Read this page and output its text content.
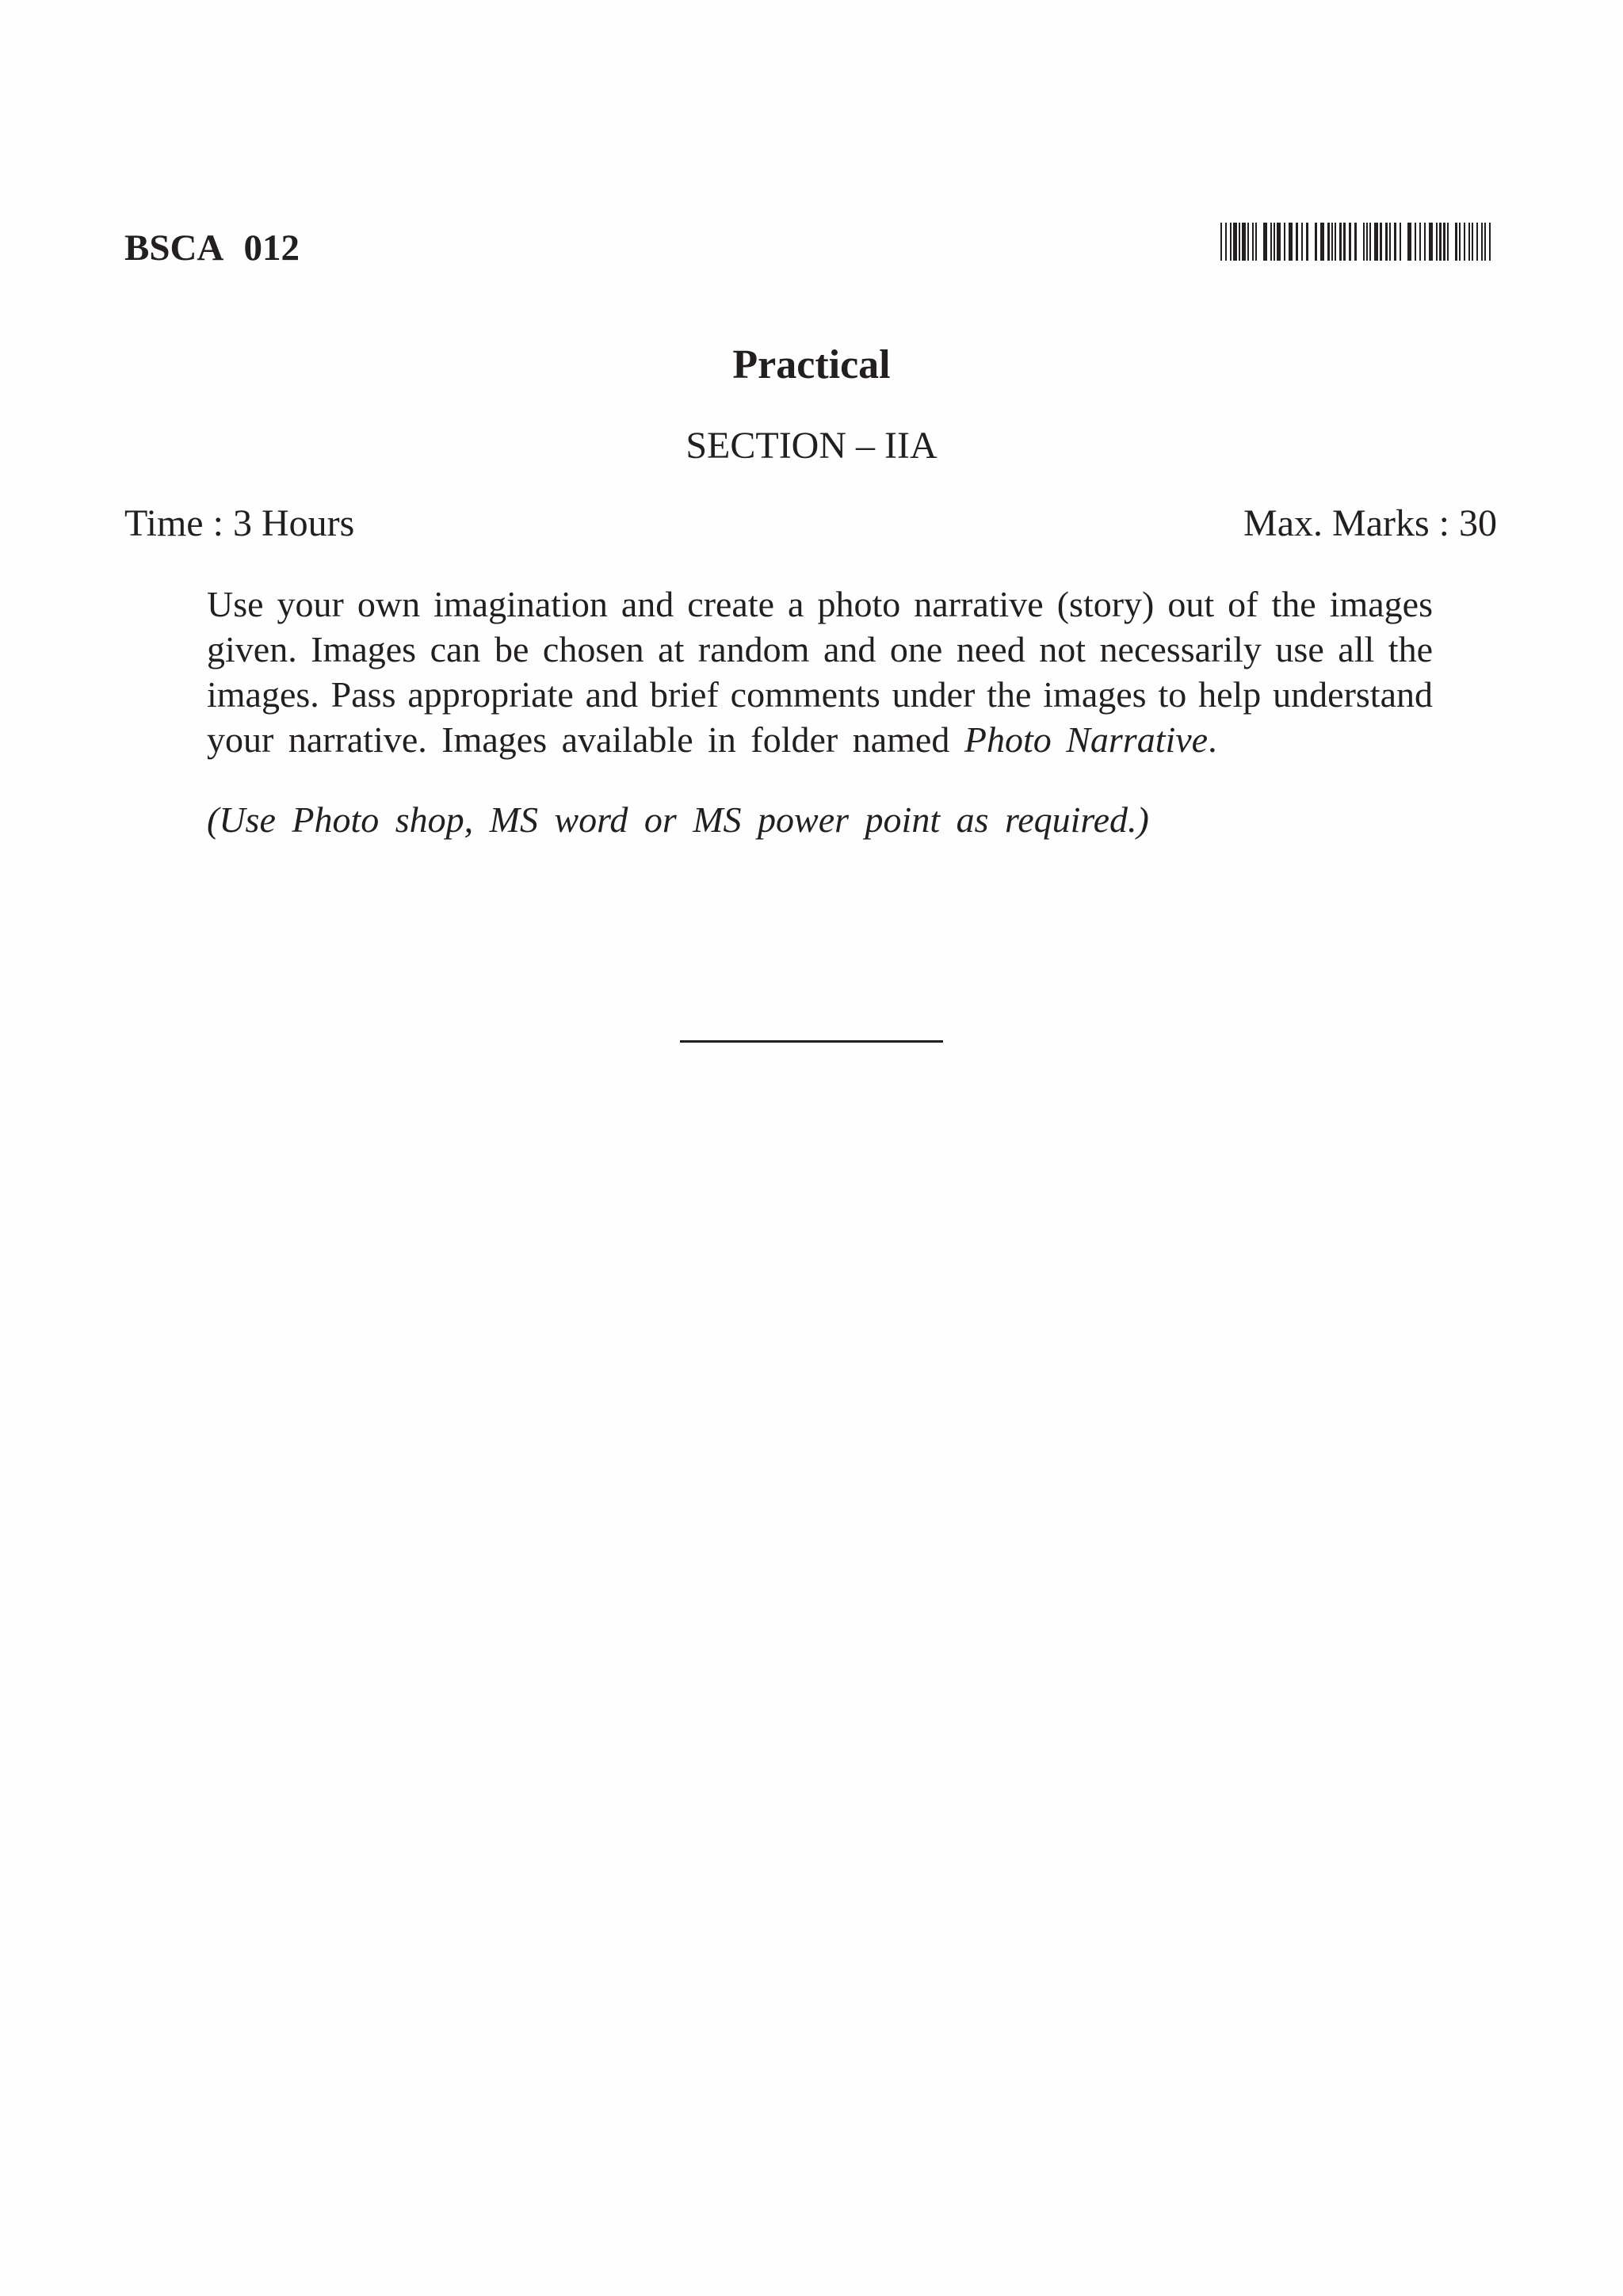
BSCA 012
Practical
SECTION – IIA
Time : 3 Hours	Max. Marks : 30
Use your own imagination and create a photo narrative (story) out of the images
given. Images can be chosen at random and one need not necessarily use all the
images. Pass appropriate and brief comments under the images to help understand
your narrative. Images available in folder named Photo Narrative.
(Use Photo shop, MS word or MS power point as required.)
